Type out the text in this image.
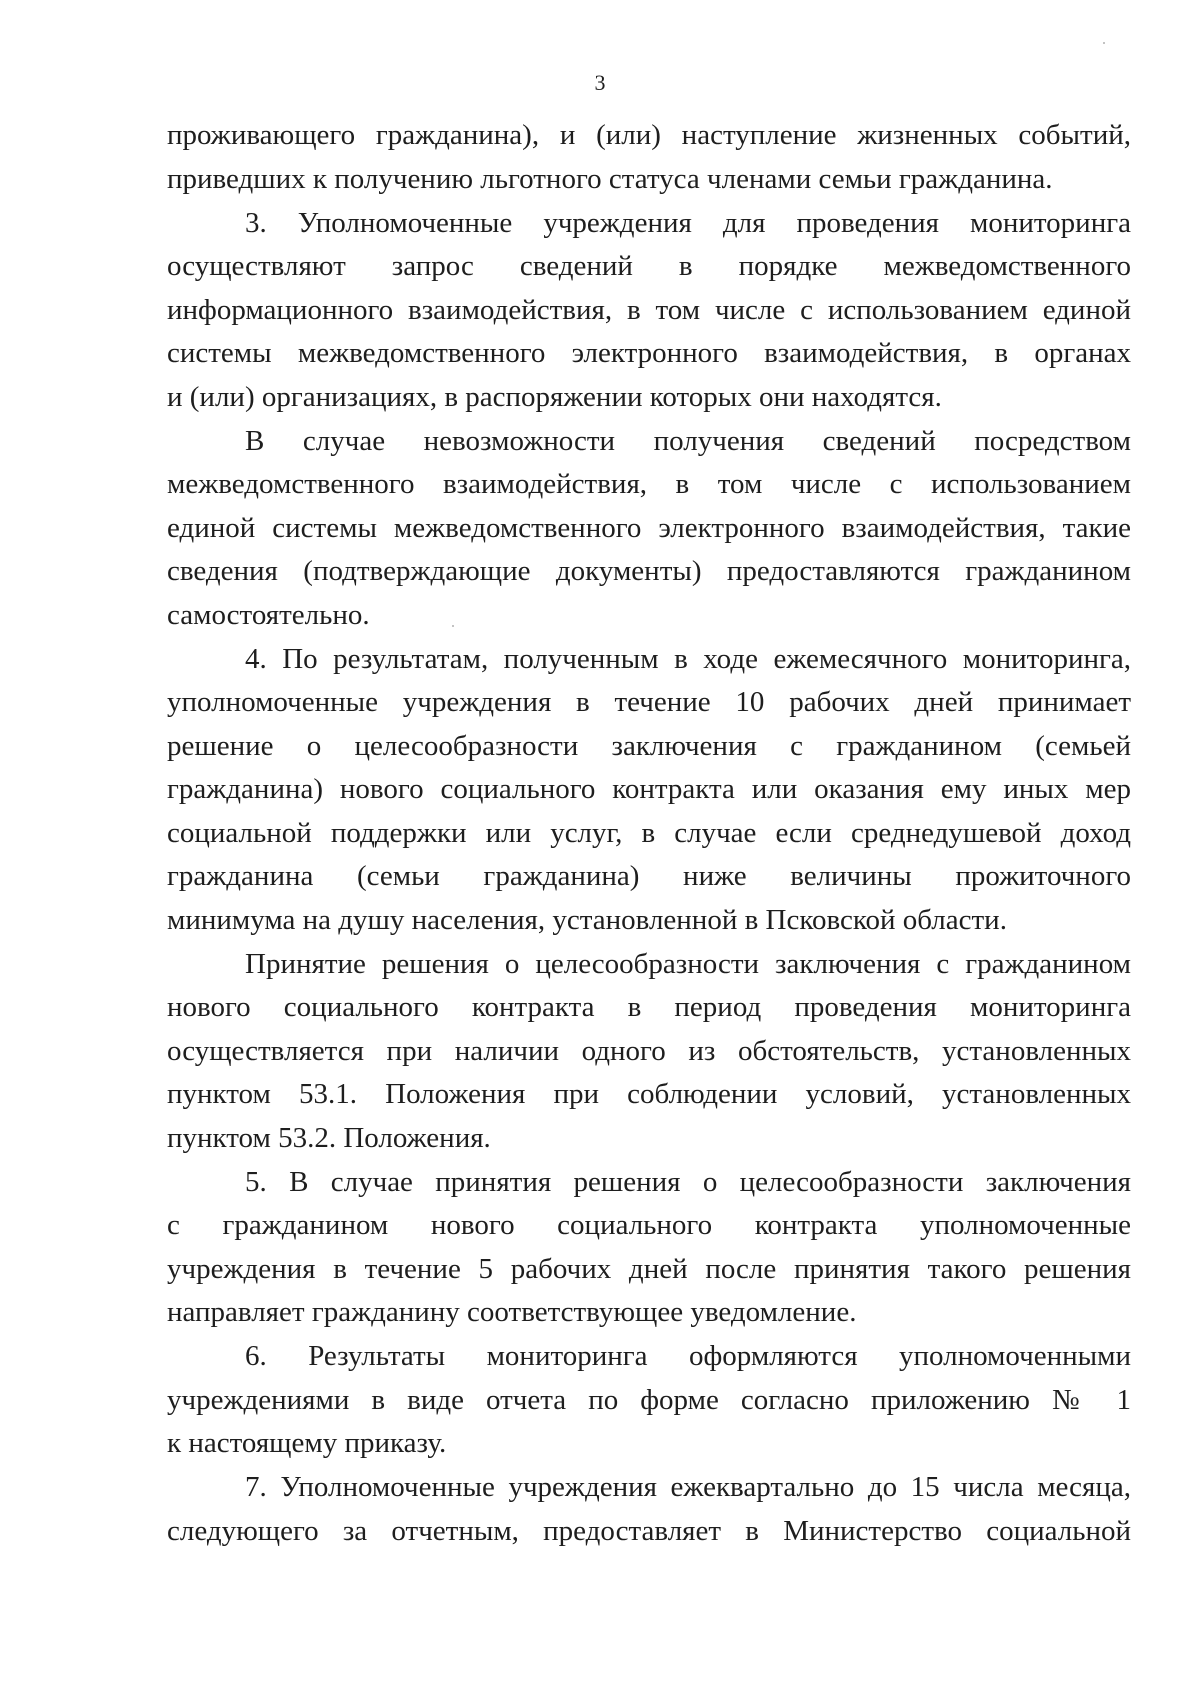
3
проживающего гражданина), и (или) наступление жизненных событий,
приведших к получению льготного статуса членами семьи гражданина.
3. Уполномоченные учреждения для проведения мониторинга
осуществляют запрос сведений в порядке межведомственного
информационного взаимодействия, в том числе с использованием единой
системы межведомственного электронного взаимодействия, в органах
и (или) организациях, в распоряжении которых они находятся.
В случае невозможности получения сведений посредством
межведомственного взаимодействия, в том числе с использованием
единой системы межведомственного электронного взаимодействия, такие
сведения (подтверждающие документы) предоставляются гражданином
самостоятельно.
4. По результатам, полученным в ходе ежемесячного мониторинга,
уполномоченные учреждения в течение 10 рабочих дней принимает
решение о целесообразности заключения с гражданином (семьей
гражданина) нового социального контракта или оказания ему иных мер
социальной поддержки или услуг, в случае если среднедушевой доход
гражданина (семьи гражданина) ниже величины прожиточного
минимума на душу населения, установленной в Псковской области.
Принятие решения о целесообразности заключения с гражданином
нового социального контракта в период проведения мониторинга
осуществляется при наличии одного из обстоятельств, установленных
пунктом 53.1. Положения при соблюдении условий, установленных
пунктом 53.2. Положения.
5. В случае принятия решения о целесообразности заключения
с гражданином нового социального контракта уполномоченные
учреждения в течение 5 рабочих дней после принятия такого решения
направляет гражданину соответствующее уведомление.
6. Результаты мониторинга оформляются уполномоченными
учреждениями в виде отчета по форме согласно приложению № 1
к настоящему приказу.
7. Уполномоченные учреждения ежеквартально до 15 числа месяца,
следующего за отчетным, предоставляет в Министерство социальной
